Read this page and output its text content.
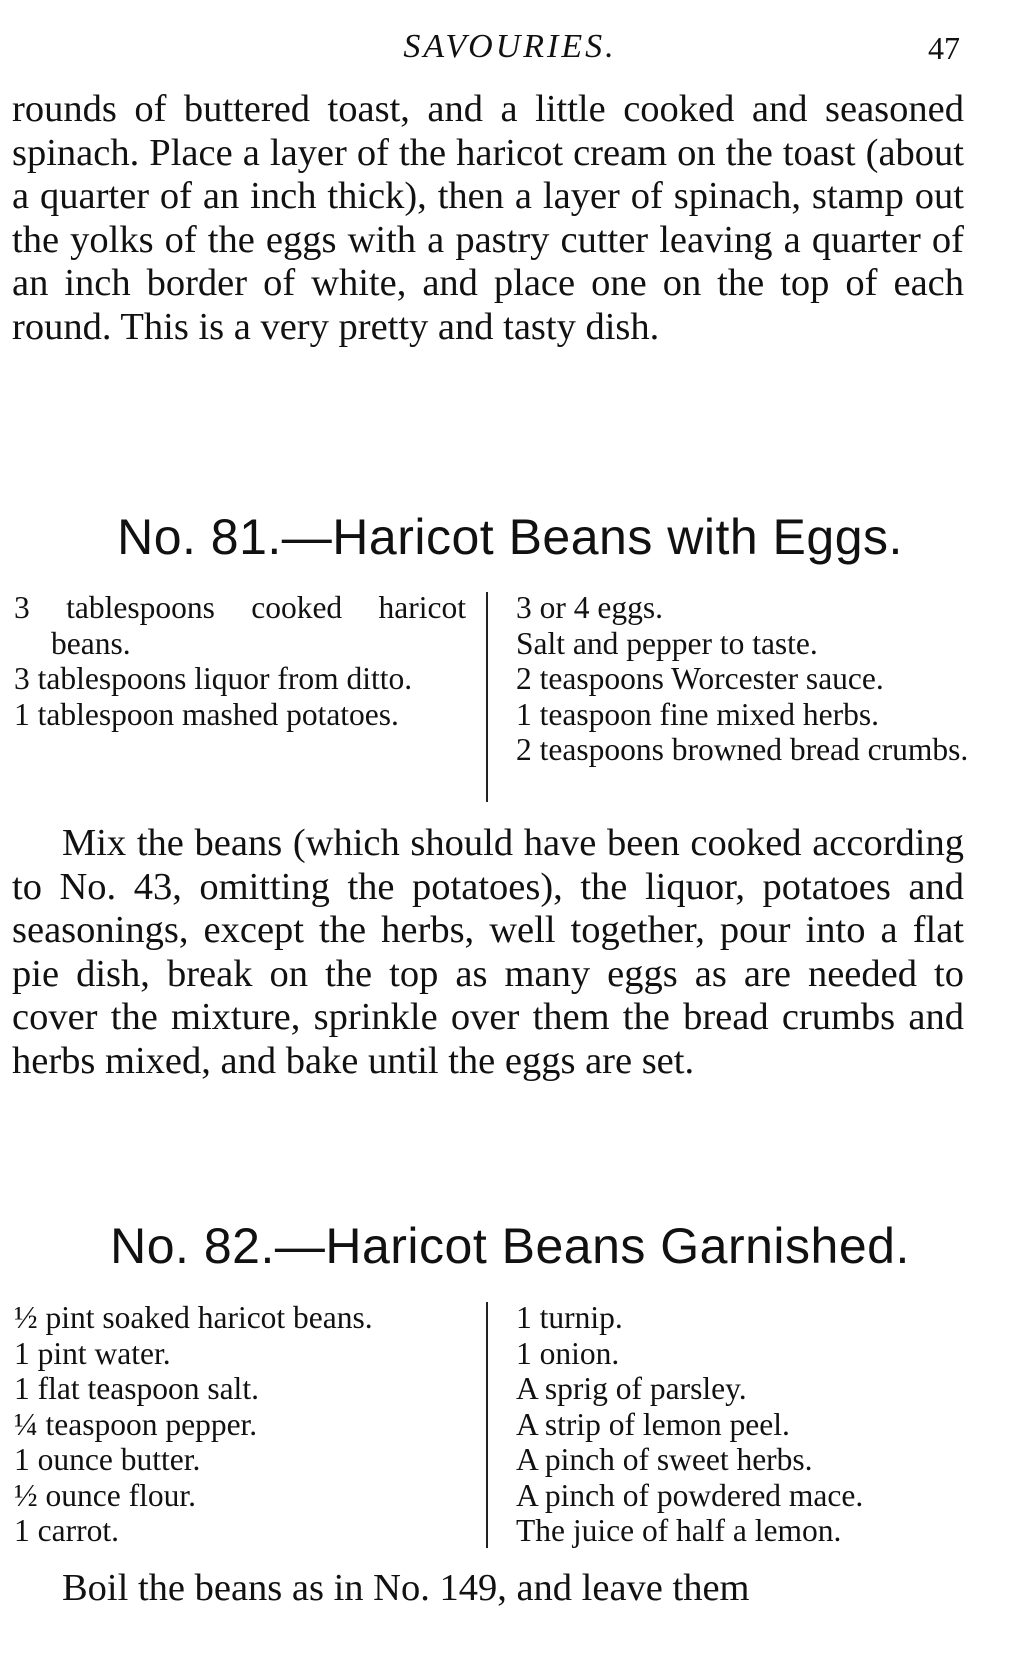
SAVOURIES.	47

rounds of buttered toast, and a little cooked and seasoned spinach. Place a layer of the haricot cream on the toast (about a quarter of an inch thick), then a layer of spinach, stamp out the yolks of the eggs with a pastry cutter leaving a quarter of an inch border of white, and place one on the top of each round. This is a very pretty and tasty dish.

No. 81.—Haricot Beans with Eggs.

3 tablespoons cooked haricot beans.

3 tablespoons liquor from ditto.

1 tablespoon mashed potatoes.

3 or 4 eggs.

Salt and pepper to taste.

2 teaspoons Worcester sauce.

1 teaspoon fine mixed herbs.

2 teaspoons browned bread crumbs.

Mix the beans (which should have been cooked according to No. 43, omitting the potatoes), the liquor, potatoes and seasonings, except the herbs, well together, pour into a flat pie dish, break on the top as many eggs as are needed to cover the mixture, sprinkle over them the bread crumbs and herbs mixed, and bake until the eggs are set.

No. 82.—Haricot Beans Garnished.

½ pint soaked haricot beans.

1 pint water.

1 flat teaspoon salt.

¼ teaspoon pepper.

1 ounce butter.

½ ounce flour.

1 carrot.

1 turnip.

1 onion.

A sprig of parsley.

A strip of lemon peel.

A pinch of sweet herbs.

A pinch of powdered mace.

The juice of half a lemon.

Boil the beans as in No. 149, and leave them
